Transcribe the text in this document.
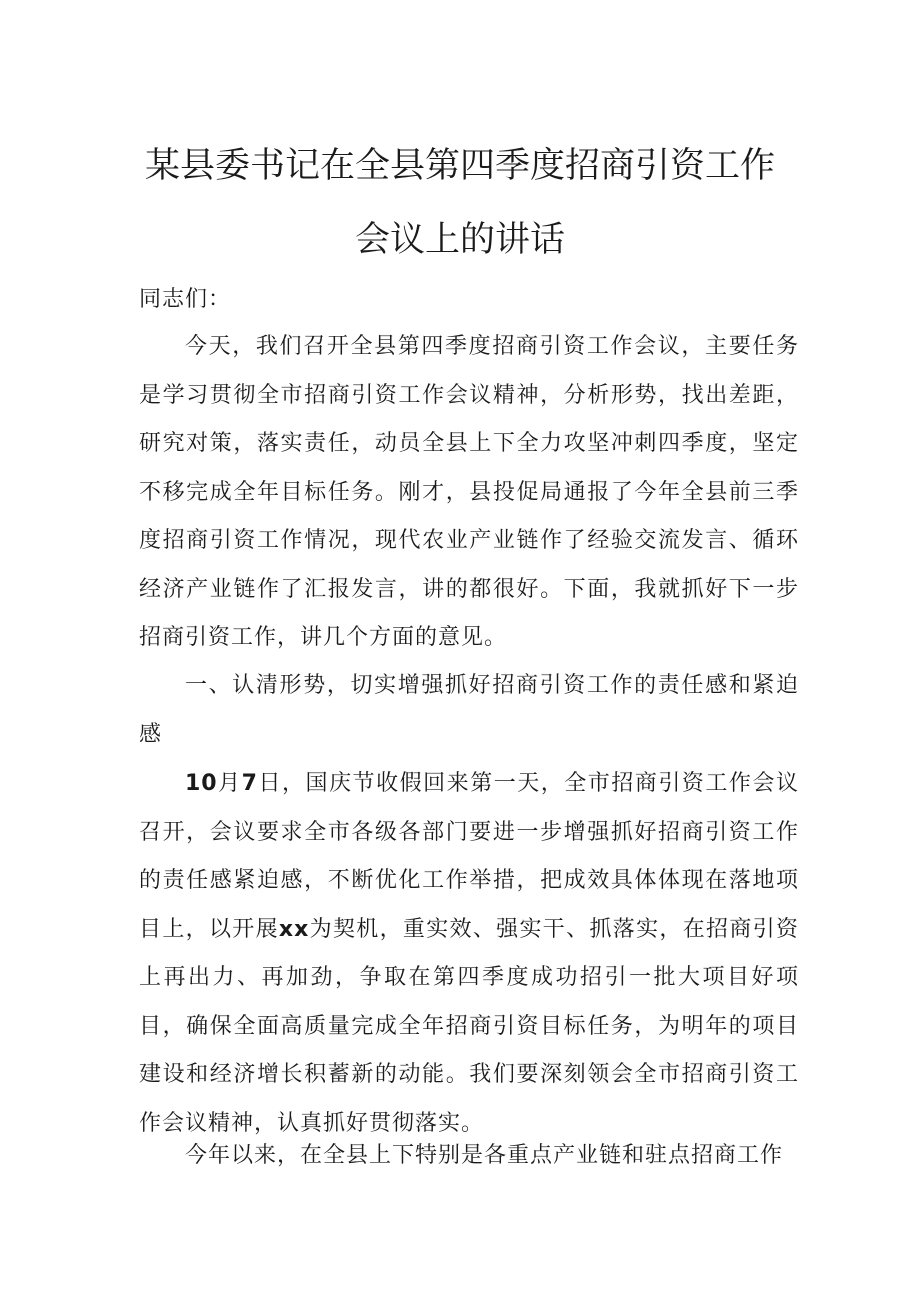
某县委书记在全县第四季度招商引资工作
会议上的讲话

同志们：

今天，我们召开全县第四季度招商引资工作会议，主要任务是学习贯彻全市招商引资工作会议精神，分析形势，找出差距，研究对策，落实责任，动员全县上下全力攻坚冲刺四季度，坚定不移完成全年目标任务。刚才，县投促局通报了今年全县前三季度招商引资工作情况，现代农业产业链作了经验交流发言、循环经济产业链作了汇报发言，讲的都很好。下面，我就抓好下一步招商引资工作，讲几个方面的意见。

一、认清形势，切实增强抓好招商引资工作的责任感和紧迫感

10月7日，国庆节收假回来第一天，全市招商引资工作会议召开，会议要求全市各级各部门要进一步增强抓好招商引资工作的责任感紧迫感，不断优化工作举措，把成效具体体现在落地项目上，以开展xx为契机，重实效、强实干、抓落实，在招商引资上再出力、再加劲，争取在第四季度成功招引一批大项目好项目，确保全面高质量完成全年招商引资目标任务，为明年的项目建设和经济增长积蓄新的动能。我们要深刻领会全市招商引资工作会议精神，认真抓好贯彻落实。

今年以来，在全县上下特别是各重点产业链和驻点招商工作
